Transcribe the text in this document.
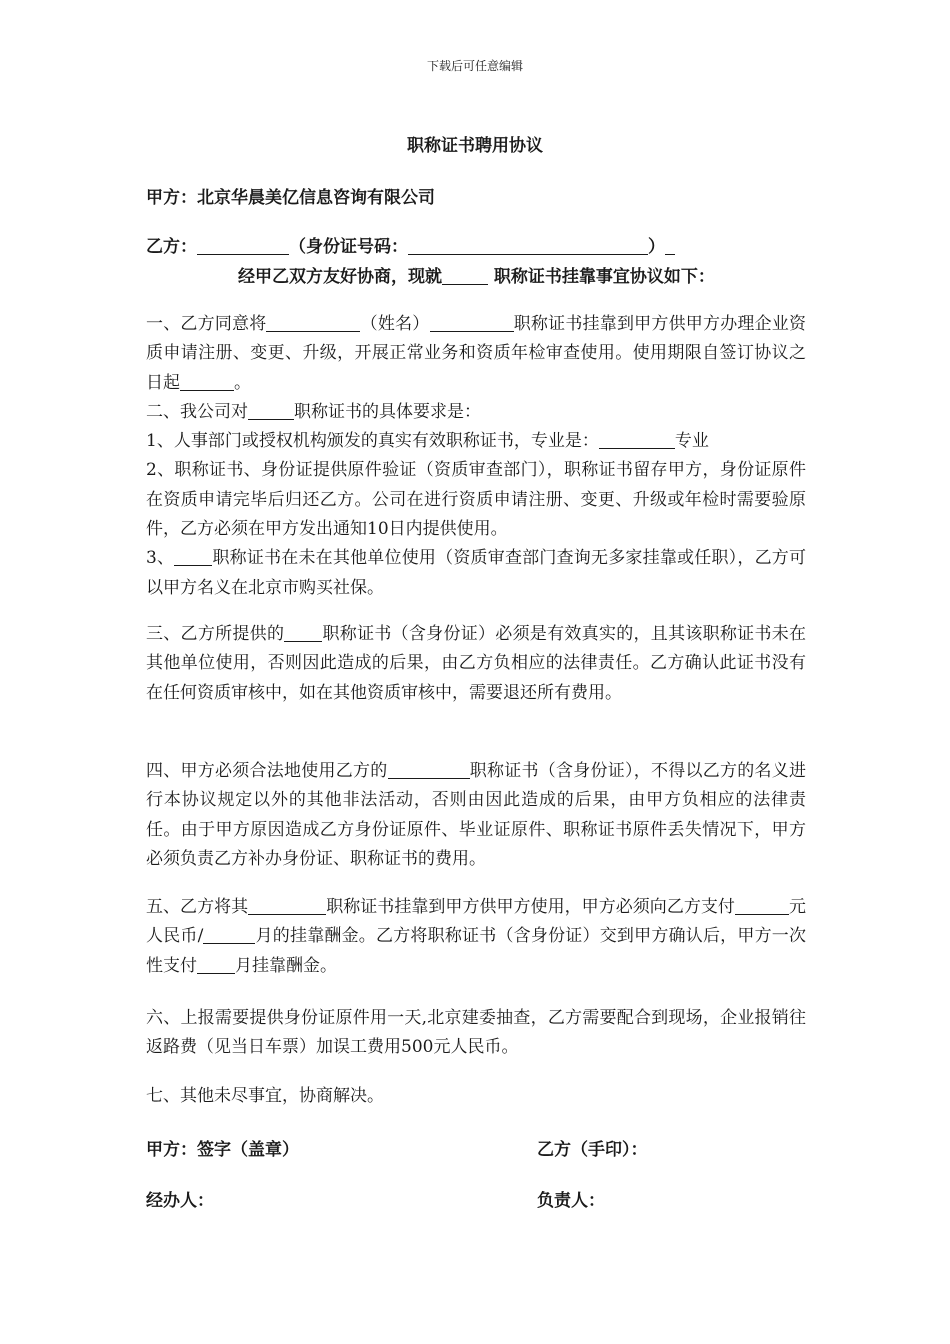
下载后可任意编辑
职称证书聘用协议
甲方：北京华晨美亿信息咨询有限公司
乙方：	（身份证号码：	）
经甲乙双方友好协商，现就	职称证书挂靠事宜协议如下：
一、乙方同意将	（姓名）	职称证书挂靠到甲方供甲方办理企业资质申请注册、变更、升级，开展正常业务和资质年检审查使用。使用期限自签订协议之日起	。
二、我公司对	职称证书的具体要求是：
1、人事部门或授权机构颁发的真实有效职称证书，专业是：	专业
2、职称证书、身份证提供原件验证（资质审查部门），职称证书留存甲方，身份证原件在资质申请完毕后归还乙方。公司在进行资质申请注册、变更、升级或年检时需要验原件，乙方必须在甲方发出通知10日内提供使用。
3、 职称证书在未在其他单位使用（资质审查部门查询无多家挂靠或任职），乙方可以甲方名义在北京市购买社保。
三、乙方所提供的 职称证书（含身份证）必须是有效真实的，且其该职称证书未在其他单位使用，否则因此造成的后果，由乙方负相应的法律责任。乙方确认此证书没有在任何资质审核中，如在其他资质审核中，需要退还所有费用。
四、甲方必须合法地使用乙方的	职称证书（含身份证），不得以乙方的名义进行本协议规定以外的其他非法活动，否则由因此造成的后果，由甲方负相应的法律责任。由于甲方原因造成乙方身份证原件、毕业证原件、职称证书原件丢失情况下，甲方必须负责乙方补办身份证、职称证书的费用。
五、乙方将其	职称证书挂靠到甲方供甲方使用，甲方必须向乙方支付	元人民币/	月的挂靠酬金。乙方将职称证书（含身份证）交到甲方确认后，甲方一次性支付 月挂靠酬金。
六、上报需要提供身份证原件用一天,北京建委抽查，乙方需要配合到现场，企业报销往返路费（见当日车票）加误工费用500元人民币。
七、其他未尽事宜，协商解决。
甲方：签字（盖章）	乙方（手印）：
经办人：	负责人：
